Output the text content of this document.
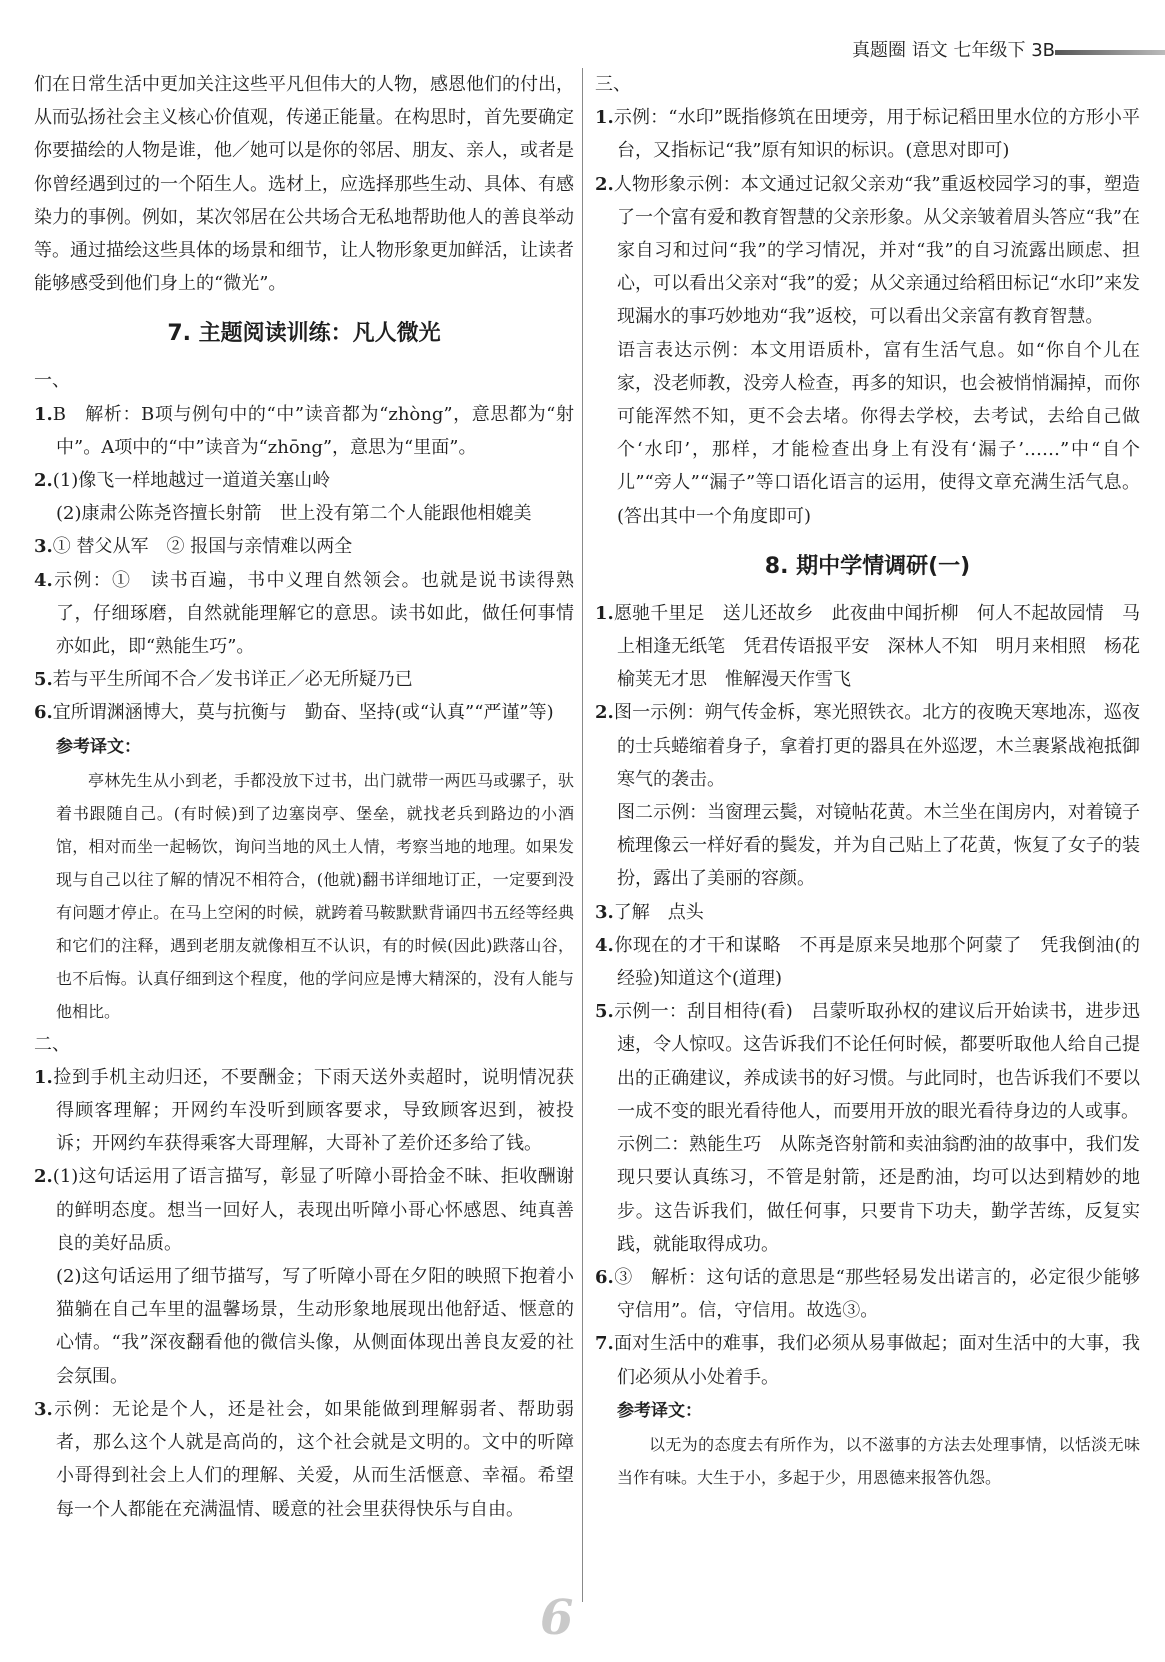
真题圈 语文 七年级下 3B

们在日常生活中更加关注这些平凡但伟大的人物，感恩他们的付出，从而弘扬社会主义核心价值观，传递正能量。在构思时，首先要确定你要描绘的人物是谁，他／她可以是你的邻居、朋友、亲人，或者是你曾经遇到过的一个陌生人。选材上，应选择那些生动、具体、有感染力的事例。例如，某次邻居在公共场合无私地帮助他人的善良举动等。通过描绘这些具体的场景和细节，让人物形象更加鲜活，让读者能够感受到他们身上的“微光”。

7. 主题阅读训练：凡人微光

一、

1.B　解析：B项与例句中的“中”读音都为“zhòng”，意思都为“射中”。A项中的“中”读音为“zhōng”，意思为“里面”。

2.(1)像飞一样地越过一道道关塞山岭

(2)康肃公陈尧咨擅长射箭　世上没有第二个人能跟他相媲美

3.① 替父从军　② 报国与亲情难以两全

4.示例：①　读书百遍，书中义理自然领会。也就是说书读得熟了，仔细琢磨，自然就能理解它的意思。读书如此，做任何事情亦如此，即“熟能生巧”。

5.若与平生所闻不合／发书详正／必无所疑乃已

6.宜所谓渊涵博大，莫与抗衡与　勤奋、坚持(或“认真”“严谨”等)

参考译文：

亭林先生从小到老，手都没放下过书，出门就带一两匹马或骡子，驮着书跟随自己。(有时候)到了边塞岗亭、堡垒，就找老兵到路边的小酒馆，相对而坐一起畅饮，询问当地的风土人情，考察当地的地理。如果发现与自己以往了解的情况不相符合，(他就)翻书详细地订正，一定要到没有问题才停止。在马上空闲的时候，就跨着马鞍默默背诵四书五经等经典和它们的注释，遇到老朋友就像相互不认识，有的时候(因此)跌落山谷，也不后悔。认真仔细到这个程度，他的学问应是博大精深的，没有人能与他相比。

二、

1.捡到手机主动归还，不要酬金；下雨天送外卖超时，说明情况获得顾客理解；开网约车没听到顾客要求，导致顾客迟到，被投诉；开网约车获得乘客大哥理解，大哥补了差价还多给了钱。

2.(1)这句话运用了语言描写，彰显了听障小哥拾金不昧、拒收酬谢的鲜明态度。想当一回好人，表现出听障小哥心怀感恩、纯真善良的美好品质。

(2)这句话运用了细节描写，写了听障小哥在夕阳的映照下抱着小猫躺在自己车里的温馨场景，生动形象地展现出他舒适、惬意的心情。“我”深夜翻看他的微信头像，从侧面体现出善良友爱的社会氛围。

3.示例：无论是个人，还是社会，如果能做到理解弱者、帮助弱者，那么这个人就是高尚的，这个社会就是文明的。文中的听障小哥得到社会上人们的理解、关爱，从而生活惬意、幸福。希望每一个人都能在充满温情、暖意的社会里获得快乐与自由。

三、

1.示例：“水印”既指修筑在田埂旁，用于标记稻田里水位的方形小平台，又指标记“我”原有知识的标识。(意思对即可)

2.人物形象示例：本文通过记叙父亲劝“我”重返校园学习的事，塑造了一个富有爱和教育智慧的父亲形象。从父亲皱着眉头答应“我”在家自习和过问“我”的学习情况，并对“我”的自习流露出顾虑、担心，可以看出父亲对“我”的爱；从父亲通过给稻田标记“水印”来发现漏水的事巧妙地劝“我”返校，可以看出父亲富有教育智慧。

语言表达示例：本文用语质朴，富有生活气息。如“你自个儿在家，没老师教，没旁人检查，再多的知识，也会被悄悄漏掉，而你可能浑然不知，更不会去堵。你得去学校，去考试，去给自己做个‘水印’，那样，才能检查出身上有没有‘漏子’……”中“自个儿”“旁人”“漏子”等口语化语言的运用，使得文章充满生活气息。(答出其中一个角度即可)

8. 期中学情调研(一)

1.愿驰千里足　送儿还故乡　此夜曲中闻折柳　何人不起故园情　马上相逢无纸笔　凭君传语报平安　深林人不知　明月来相照　杨花榆荚无才思　惟解漫天作雪飞

2.图一示例：朔气传金柝，寒光照铁衣。北方的夜晚天寒地冻，巡夜的士兵蜷缩着身子，拿着打更的器具在外巡逻，木兰裹紧战袍抵御寒气的袭击。

图二示例：当窗理云鬓，对镜帖花黄。木兰坐在闺房内，对着镜子梳理像云一样好看的鬓发，并为自己贴上了花黄，恢复了女子的装扮，露出了美丽的容颜。

3.了解　点头

4.你现在的才干和谋略　不再是原来吴地那个阿蒙了　凭我倒油(的经验)知道这个(道理)

5.示例一：刮目相待(看)　吕蒙听取孙权的建议后开始读书，进步迅速，令人惊叹。这告诉我们不论任何时候，都要听取他人给自己提出的正确建议，养成读书的好习惯。与此同时，也告诉我们不要以一成不变的眼光看待他人，而要用开放的眼光看待身边的人或事。

示例二：熟能生巧　从陈尧咨射箭和卖油翁酌油的故事中，我们发现只要认真练习，不管是射箭，还是酌油，均可以达到精妙的地步。这告诉我们，做任何事，只要肯下功夫，勤学苦练，反复实践，就能取得成功。

6.③　解析：这句话的意思是“那些轻易发出诺言的，必定很少能够守信用”。信，守信用。故选③。

7.面对生活中的难事，我们必须从易事做起；面对生活中的大事，我们必须从小处着手。

参考译文：

以无为的态度去有所作为，以不滋事的方法去处理事情，以恬淡无味当作有味。大生于小，多起于少，用恩德来报答仇怨。

6
